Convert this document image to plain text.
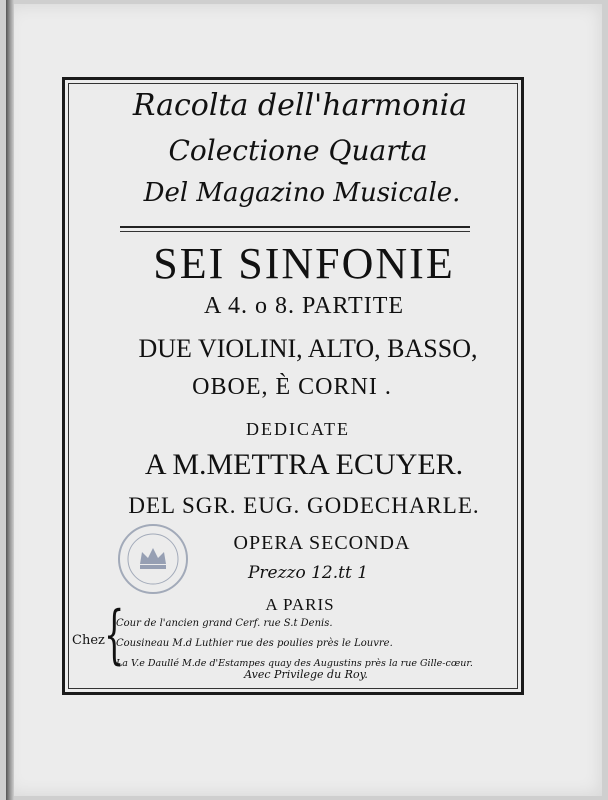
Racolta dell'harmonia
Colectione Quarta
Del Magazino Musicale.
SEI SINFONIE
A 4. o 8. PARTITE
DUE VIOLINI, ALTO, BASSO,
OBOE, È CORNI .
DEDICATE
A M.METTRA ECUYER.
DEL SGR. EUG. GODECHARLE.
OPERA SECONDA
Prezzo 12.tt 1
A PARIS
{
Chez
Cour de l'ancien grand Cerf. rue S.t Denis.
Cousineau M.d Luthier rue des poulies près le Louvre.
La V.e Daullé M.de d'Estampes quay des Augustins près la rue Gille-cœur.
Avec Privilege du Roy.
